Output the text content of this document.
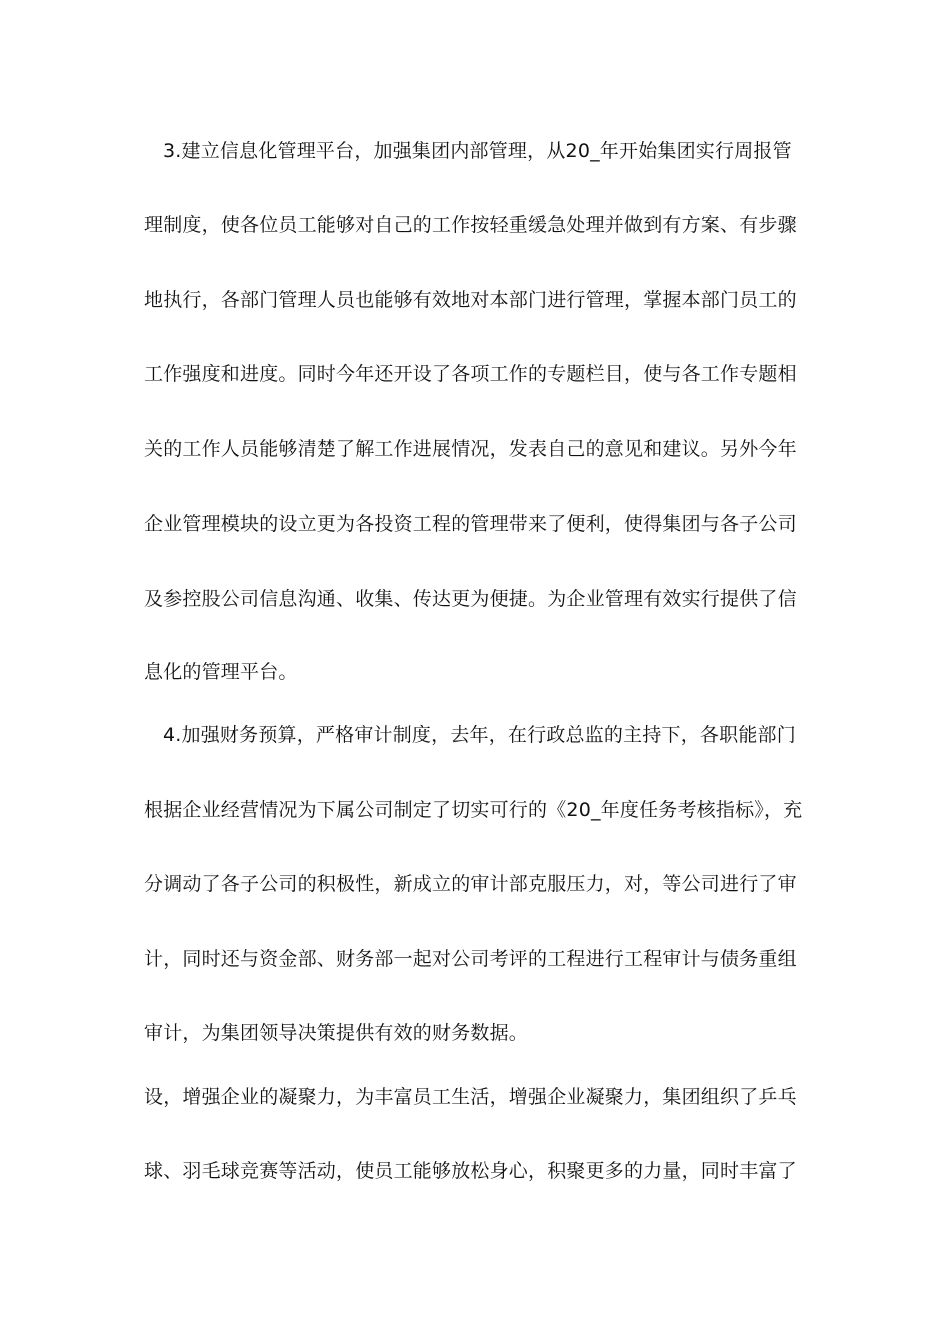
3.建立信息化管理平台，加强集团内部管理，从20_年开始集团实行周报管
理制度，使各位员工能够对自己的工作按轻重缓急处理并做到有方案、有步骤
地执行，各部门管理人员也能够有效地对本部门进行管理，掌握本部门员工的
工作强度和进度。同时今年还开设了各项工作的专题栏目，使与各工作专题相
关的工作人员能够清楚了解工作进展情况，发表自己的意见和建议。另外今年
企业管理模块的设立更为各投资工程的管理带来了便利，使得集团与各子公司
及参控股公司信息沟通、收集、传达更为便捷。为企业管理有效实行提供了信
息化的管理平台。
4.加强财务预算，严格审计制度，去年，在行政总监的主持下，各职能部门
根据企业经营情况为下属公司制定了切实可行的《20_年度任务考核指标》，充
分调动了各子公司的积极性，新成立的审计部克服压力，对，等公司进行了审
计，同时还与资金部、财务部一起对公司考评的工程进行工程审计与债务重组
审计，为集团领导决策提供有效的财务数据。
设，增强企业的凝聚力，为丰富员工生活，增强企业凝聚力，集团组织了乒乓
球、羽毛球竞赛等活动，使员工能够放松身心，积聚更多的力量，同时丰富了
